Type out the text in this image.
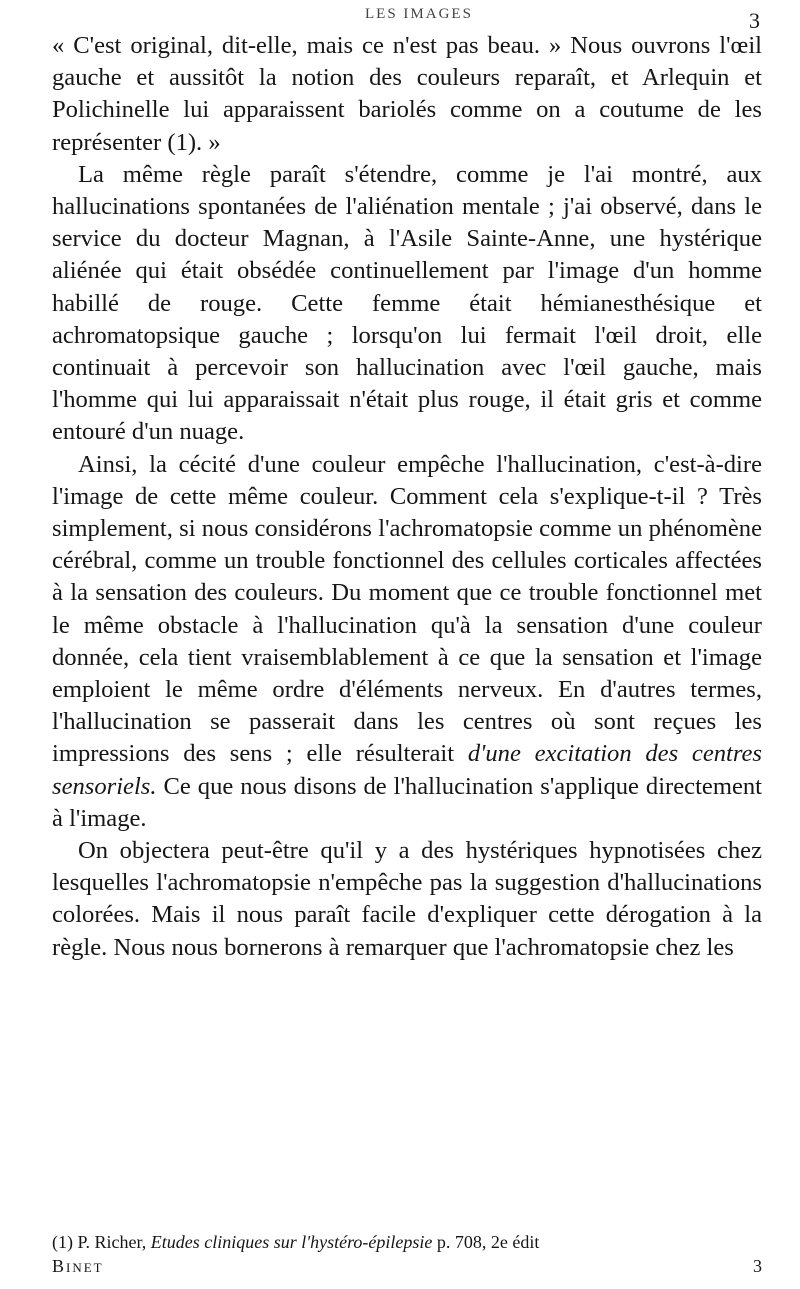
LES IMAGES	3

« C'est original, dit-elle, mais ce n'est pas beau. » Nous ouvrons l'œil gauche et aussitôt la notion des couleurs reparaît, et Arlequin et Polichinelle lui apparaissent bariolés comme on a coutume de les représenter (1). »

La même règle paraît s'étendre, comme je l'ai montré, aux hallucinations spontanées de l'aliénation mentale ; j'ai observé, dans le service du docteur Magnan, à l'Asile Sainte-Anne, une hystérique aliénée qui était obsédée continuellement par l'image d'un homme habillé de rouge. Cette femme était hémianesthésique et achromatopsique gauche ; lorsqu'on lui fermait l'œil droit, elle continuait à percevoir son hallucination avec l'œil gauche, mais l'homme qui lui apparaissait n'était plus rouge, il était gris et comme entouré d'un nuage.

Ainsi, la cécité d'une couleur empêche l'hallucination, c'est-à-dire l'image de cette même couleur. Comment cela s'explique-t-il ? Très simplement, si nous considérons l'achromatopsie comme un phénomène cérébral, comme un trouble fonctionnel des cellules corticales affectées à la sensation des couleurs. Du moment que ce trouble fonctionnel met le même obstacle à l'hallucination qu'à la sensation d'une couleur donnée, cela tient vraisemblablement à ce que la sensation et l'image emploient le même ordre d'éléments nerveux. En d'autres termes, l'hallucination se passerait dans les centres où sont reçues les impressions des sens ; elle résulterait d'une excitation des centres sensoriels. Ce que nous disons de l'hallucination s'applique directement à l'image.

On objectera peut-être qu'il y a des hystériques hypnotisées chez lesquelles l'achromatopsie n'empêche pas la suggestion d'hallucinations colorées. Mais il nous paraît facile d'expliquer cette dérogation à la règle. Nous nous bornerons à remarquer que l'achromatopsie chez les

(1) P. Richer, Etudes cliniques sur l'hystéro-épilepsie p. 708, 2e édit
Binet	3
